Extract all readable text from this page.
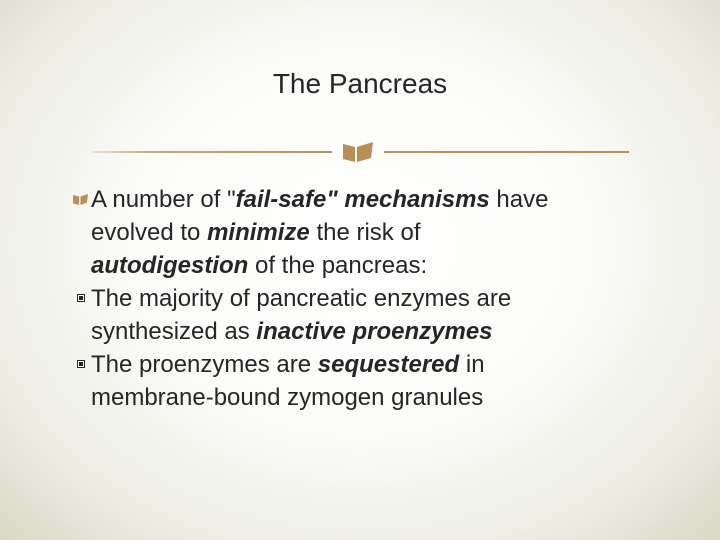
The Pancreas
A number of "fail-safe" mechanisms have
evolved to minimize the risk of
autodigestion of the pancreas:
The majority of pancreatic enzymes are
synthesized as inactive proenzymes
The proenzymes are sequestered in
membrane-bound zymogen granules
